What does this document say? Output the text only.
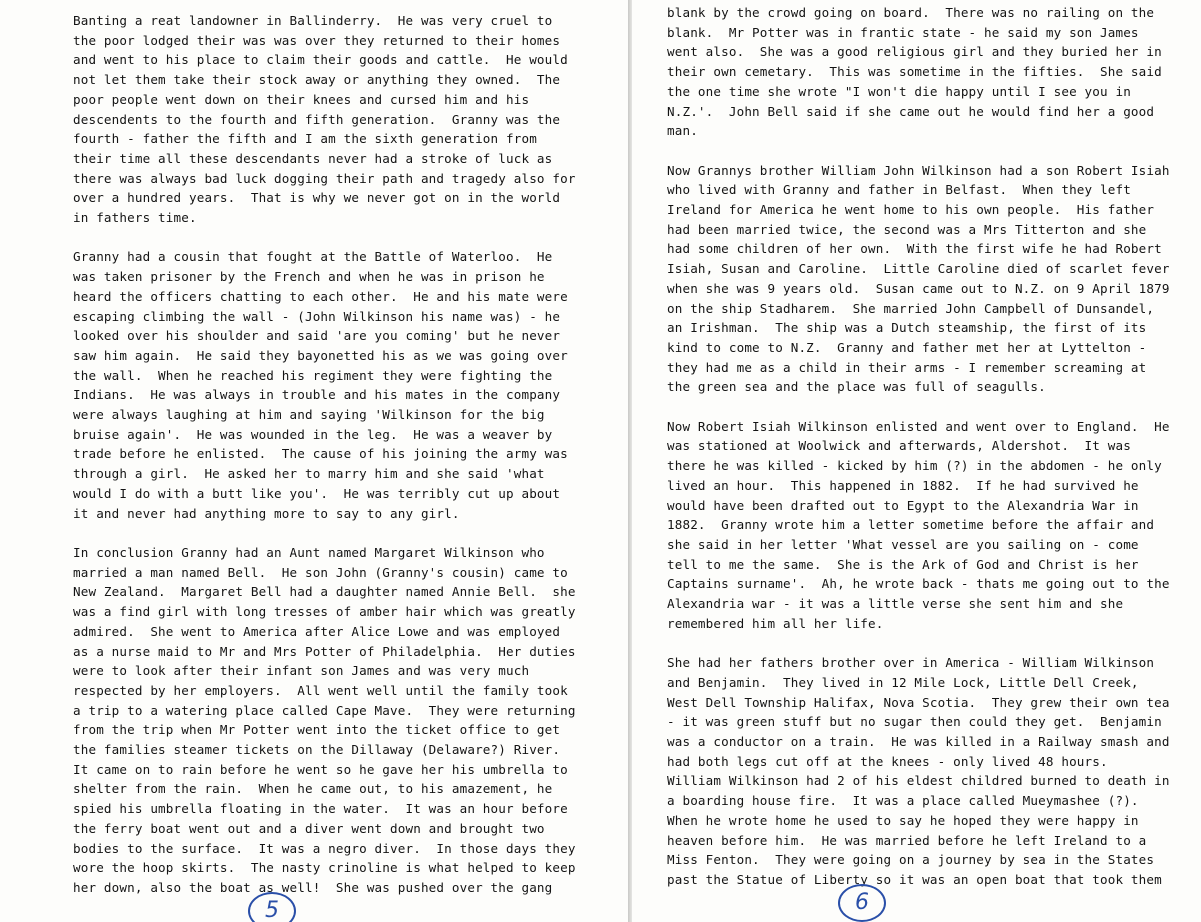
Banting a reat landowner in Ballinderry.  He was very cruel to
the poor lodged their was was over they returned to their homes
and went to his place to claim their goods and cattle.  He would
not let them take their stock away or anything they owned.  The
poor people went down on their knees and cursed him and his
descendents to the fourth and fifth generation.  Granny was the
fourth - father the fifth and I am the sixth generation from
their time all these descendants never had a stroke of luck as
there was always bad luck dogging their path and tragedy also for
over a hundred years.  That is why we never got on in the world
in fathers time.

Granny had a cousin that fought at the Battle of Waterloo.  He
was taken prisoner by the French and when he was in prison he
heard the officers chatting to each other.  He and his mate were
escaping climbing the wall - (John Wilkinson his name was) - he
looked over his shoulder and said 'are you coming' but he never
saw him again.  He said they bayonetted his as we was going over
the wall.  When he reached his regiment they were fighting the
Indians.  He was always in trouble and his mates in the company
were always laughing at him and saying 'Wilkinson for the big
bruise again'.  He was wounded in the leg.  He was a weaver by
trade before he enlisted.  The cause of his joining the army was
through a girl.  He asked her to marry him and she said 'what
would I do with a butt like you'.  He was terribly cut up about
it and never had anything more to say to any girl.

In conclusion Granny had an Aunt named Margaret Wilkinson who
married a man named Bell.  He son John (Granny's cousin) came to
New Zealand.  Margaret Bell had a daughter named Annie Bell.  she
was a find girl with long tresses of amber hair which was greatly
admired.  She went to America after Alice Lowe and was employed
as a nurse maid to Mr and Mrs Potter of Philadelphia.  Her duties
were to look after their infant son James and was very much
respected by her employers.  All went well until the family took
a trip to a watering place called Cape Mave.  They were returning
from the trip when Mr Potter went into the ticket office to get
the families steamer tickets on the Dillaway (Delaware?) River.
It came on to rain before he went so he gave her his umbrella to
shelter from the rain.  When he came out, to his amazement, he
spied his umbrella floating in the water.  It was an hour before
the ferry boat went out and a diver went down and brought two
bodies to the surface.  It was a negro diver.  In those days they
wore the hoop skirts.  The nasty crinoline is what helped to keep
her down, also the boat as well!  She was pushed over the gang
5
blank by the crowd going on board.  There was no railing on the
blank.  Mr Potter was in frantic state - he said my son James
went also.  She was a good religious girl and they buried her in
their own cemetary.  This was sometime in the fifties.  She said
the one time she wrote "I won't die happy until I see you in
N.Z.'.  John Bell said if she came out he would find her a good
man.

Now Grannys brother William John Wilkinson had a son Robert Isiah
who lived with Granny and father in Belfast.  When they left
Ireland for America he went home to his own people.  His father
had been married twice, the second was a Mrs Titterton and she
had some children of her own.  With the first wife he had Robert
Isiah, Susan and Caroline.  Little Caroline died of scarlet fever
when she was 9 years old.  Susan came out to N.Z. on 9 April 1879
on the ship Stadharem.  She married John Campbell of Dunsandel,
an Irishman.  The ship was a Dutch steamship, the first of its
kind to come to N.Z.  Granny and father met her at Lyttelton -
they had me as a child in their arms - I remember screaming at
the green sea and the place was full of seagulls.

Now Robert Isiah Wilkinson enlisted and went over to England.  He
was stationed at Woolwick and afterwards, Aldershot.  It was
there he was killed - kicked by him (?) in the abdomen - he only
lived an hour.  This happened in 1882.  If he had survived he
would have been drafted out to Egypt to the Alexandria War in
1882.  Granny wrote him a letter sometime before the affair and
she said in her letter 'What vessel are you sailing on - come
tell to me the same.  She is the Ark of God and Christ is her
Captains surname'.  Ah, he wrote back - thats me going out to the
Alexandria war - it was a little verse she sent him and she
remembered him all her life.

She had her fathers brother over in America - William Wilkinson
and Benjamin.  They lived in 12 Mile Lock, Little Dell Creek,
West Dell Township Halifax, Nova Scotia.  They grew their own tea
- it was green stuff but no sugar then could they get.  Benjamin
was a conductor on a train.  He was killed in a Railway smash and
had both legs cut off at the knees - only lived 48 hours.
William Wilkinson had 2 of his eldest childred burned to death in
a boarding house fire.  It was a place called Mueymashee (?).
When he wrote home he used to say he hoped they were happy in
heaven before him.  He was married before he left Ireland to a
Miss Fenton.  They were going on a journey by sea in the States
past the Statue of Liberty so it was an open boat that took them
6
